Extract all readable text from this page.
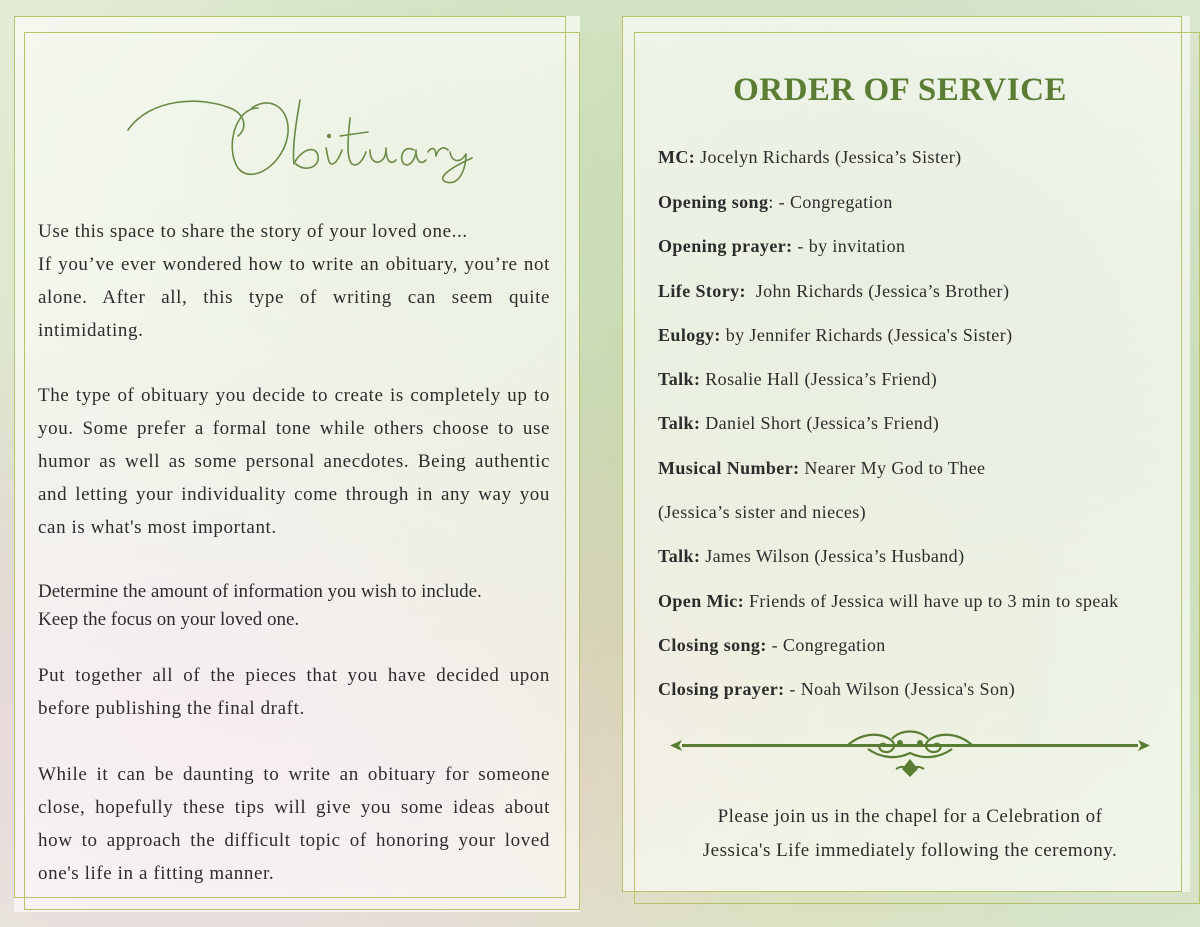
Use this space to share the story of your loved one...
If you’ve ever wondered how to write an obituary, you’re not alone. After all, this type of writing can seem quite intimidating.
The type of obituary you decide to create is completely up to you. Some prefer a formal tone while others choose to use humor as well as some personal anecdotes. Being authentic and letting your individuality come through in any way you can is what's most important.
Determine the amount of information you wish to include.
Keep the focus on your loved one.
Put together all of the pieces that you have decided upon before publishing the final draft.
While it can be daunting to write an obituary for someone close, hopefully these tips will give you some ideas about how to approach the difficult topic of honoring your loved one's life in a fitting manner.
ORDER OF SERVICE
MC: Jocelyn Richards (Jessica’s Sister)
Opening song: - Congregation
Opening prayer: - by invitation
Life Story:  John Richards (Jessica’s Brother)
Eulogy: by Jennifer Richards (Jessica's Sister)
Talk: Rosalie Hall (Jessica’s Friend)
Talk: Daniel Short (Jessica’s Friend)
Musical Number: Nearer My God to Thee
(Jessica’s sister and nieces)
Talk: James Wilson (Jessica’s Husband)
Open Mic: Friends of Jessica will have up to 3 min to speak
Closing song: - Congregation
Closing prayer: - Noah Wilson (Jessica's Son)
Please join us in the chapel for a Celebration of
Jessica's Life immediately following the ceremony.
